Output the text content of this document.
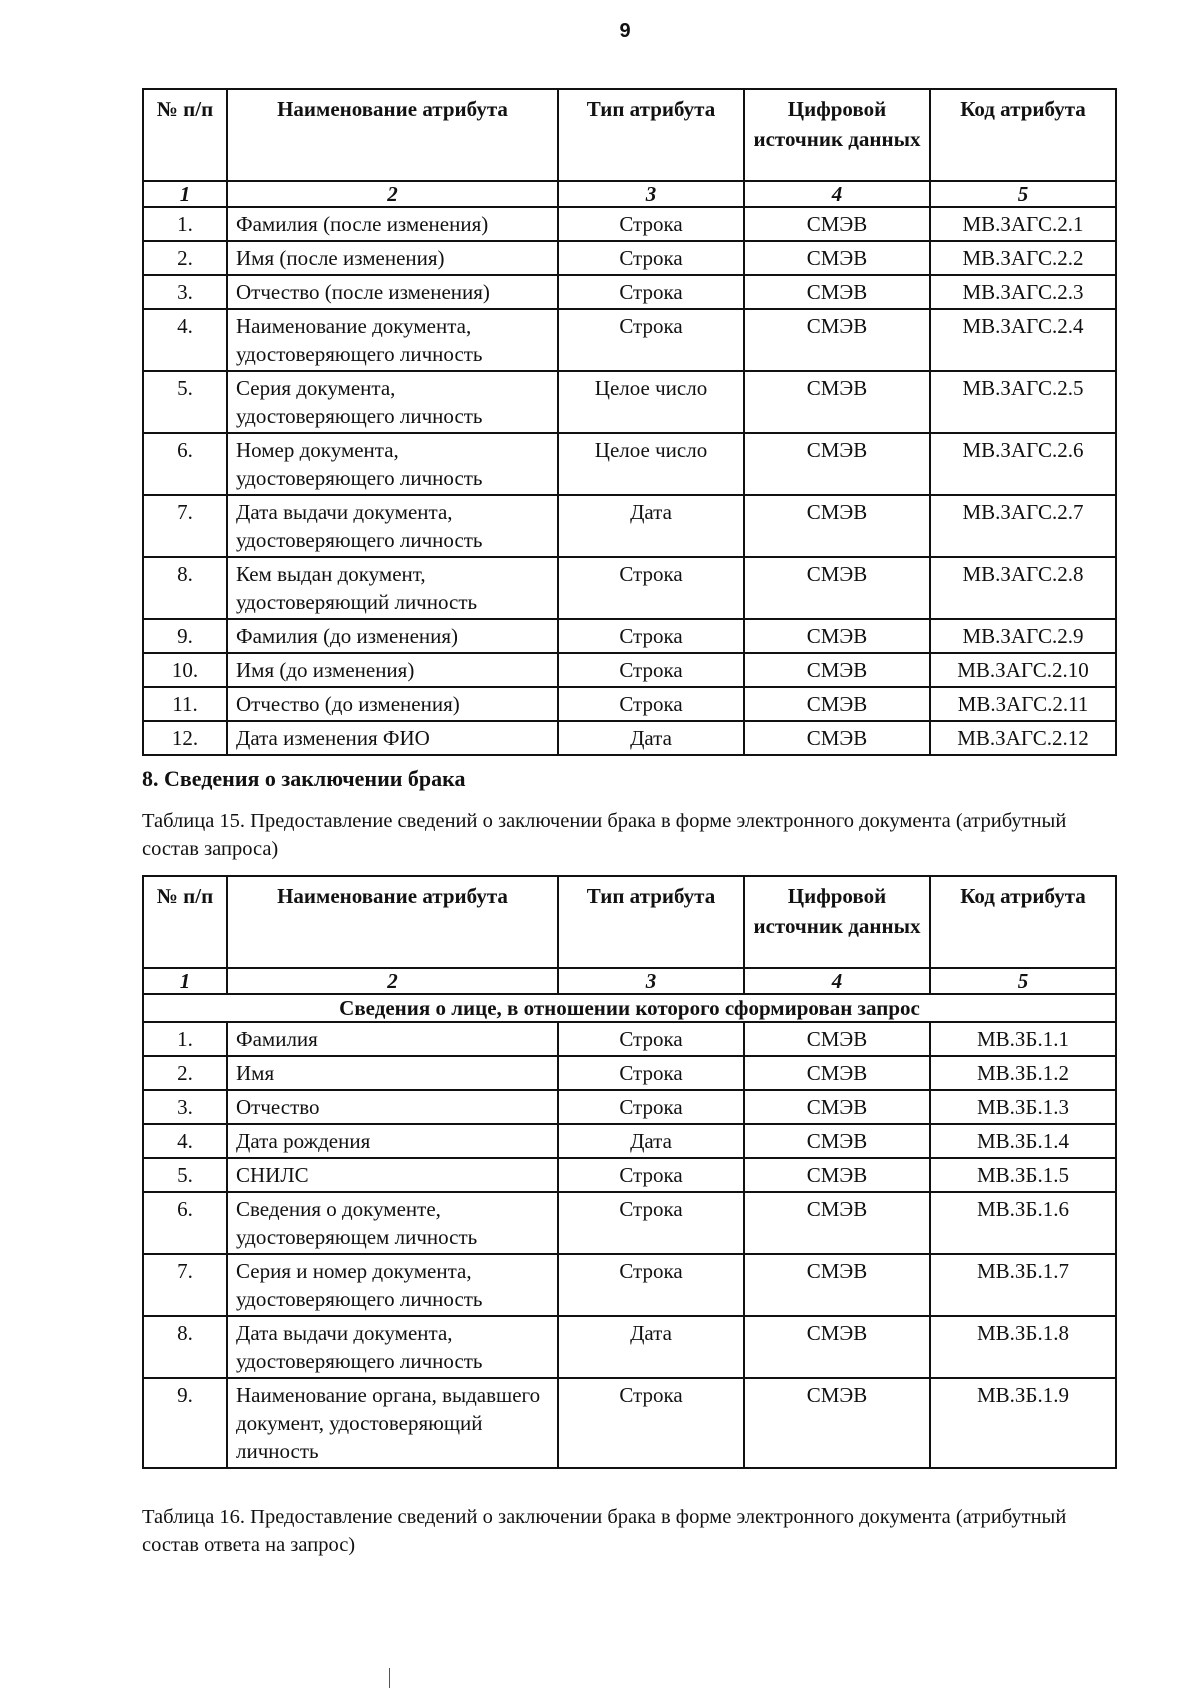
9
№ п/п	Наименование атрибута	Тип атрибута	Цифровой источник данных	Код атрибута
1	2	3	4	5
1.	Фамилия (после изменения)	Строка	СМЭВ	МВ.ЗАГС.2.1
2.	Имя (после изменения)	Строка	СМЭВ	МВ.ЗАГС.2.2
3.	Отчество (после изменения)	Строка	СМЭВ	МВ.ЗАГС.2.3
4.	Наименование документа, удостоверяющего личность	Строка	СМЭВ	МВ.ЗАГС.2.4
5.	Серия документа, удостоверяющего личность	Целое число	СМЭВ	МВ.ЗАГС.2.5
6.	Номер документа, удостоверяющего личность	Целое число	СМЭВ	МВ.ЗАГС.2.6
7.	Дата выдачи документа, удостоверяющего личность	Дата	СМЭВ	МВ.ЗАГС.2.7
8.	Кем выдан документ, удостоверяющий личность	Строка	СМЭВ	МВ.ЗАГС.2.8
9.	Фамилия (до изменения)	Строка	СМЭВ	МВ.ЗАГС.2.9
10.	Имя (до изменения)	Строка	СМЭВ	МВ.ЗАГС.2.10
11.	Отчество (до изменения)	Строка	СМЭВ	МВ.ЗАГС.2.11
12.	Дата изменения ФИО	Дата	СМЭВ	МВ.ЗАГС.2.12
8. Сведения о заключении брака
Таблица 15. Предоставление сведений о заключении брака в форме электронного документа (атрибутный состав запроса)
№ п/п	Наименование атрибута	Тип атрибута	Цифровой источник данных	Код атрибута
1	2	3	4	5
Сведения о лице, в отношении которого сформирован запрос				
1.	Фамилия	Строка	СМЭВ	МВ.ЗБ.1.1
2.	Имя	Строка	СМЭВ	МВ.ЗБ.1.2
3.	Отчество	Строка	СМЭВ	МВ.ЗБ.1.3
4.	Дата рождения	Дата	СМЭВ	МВ.ЗБ.1.4
5.	СНИЛС	Строка	СМЭВ	МВ.ЗБ.1.5
6.	Сведения о документе, удостоверяющем личность	Строка	СМЭВ	МВ.ЗБ.1.6
7.	Серия и номер документа, удостоверяющего личность	Строка	СМЭВ	МВ.ЗБ.1.7
8.	Дата выдачи документа, удостоверяющего личность	Дата	СМЭВ	МВ.ЗБ.1.8
9.	Наименование органа, выдавшего документ, удостоверяющий личность	Строка	СМЭВ	МВ.ЗБ.1.9
Таблица 16. Предоставление сведений о заключении брака в форме электронного документа (атрибутный состав ответа на запрос)
